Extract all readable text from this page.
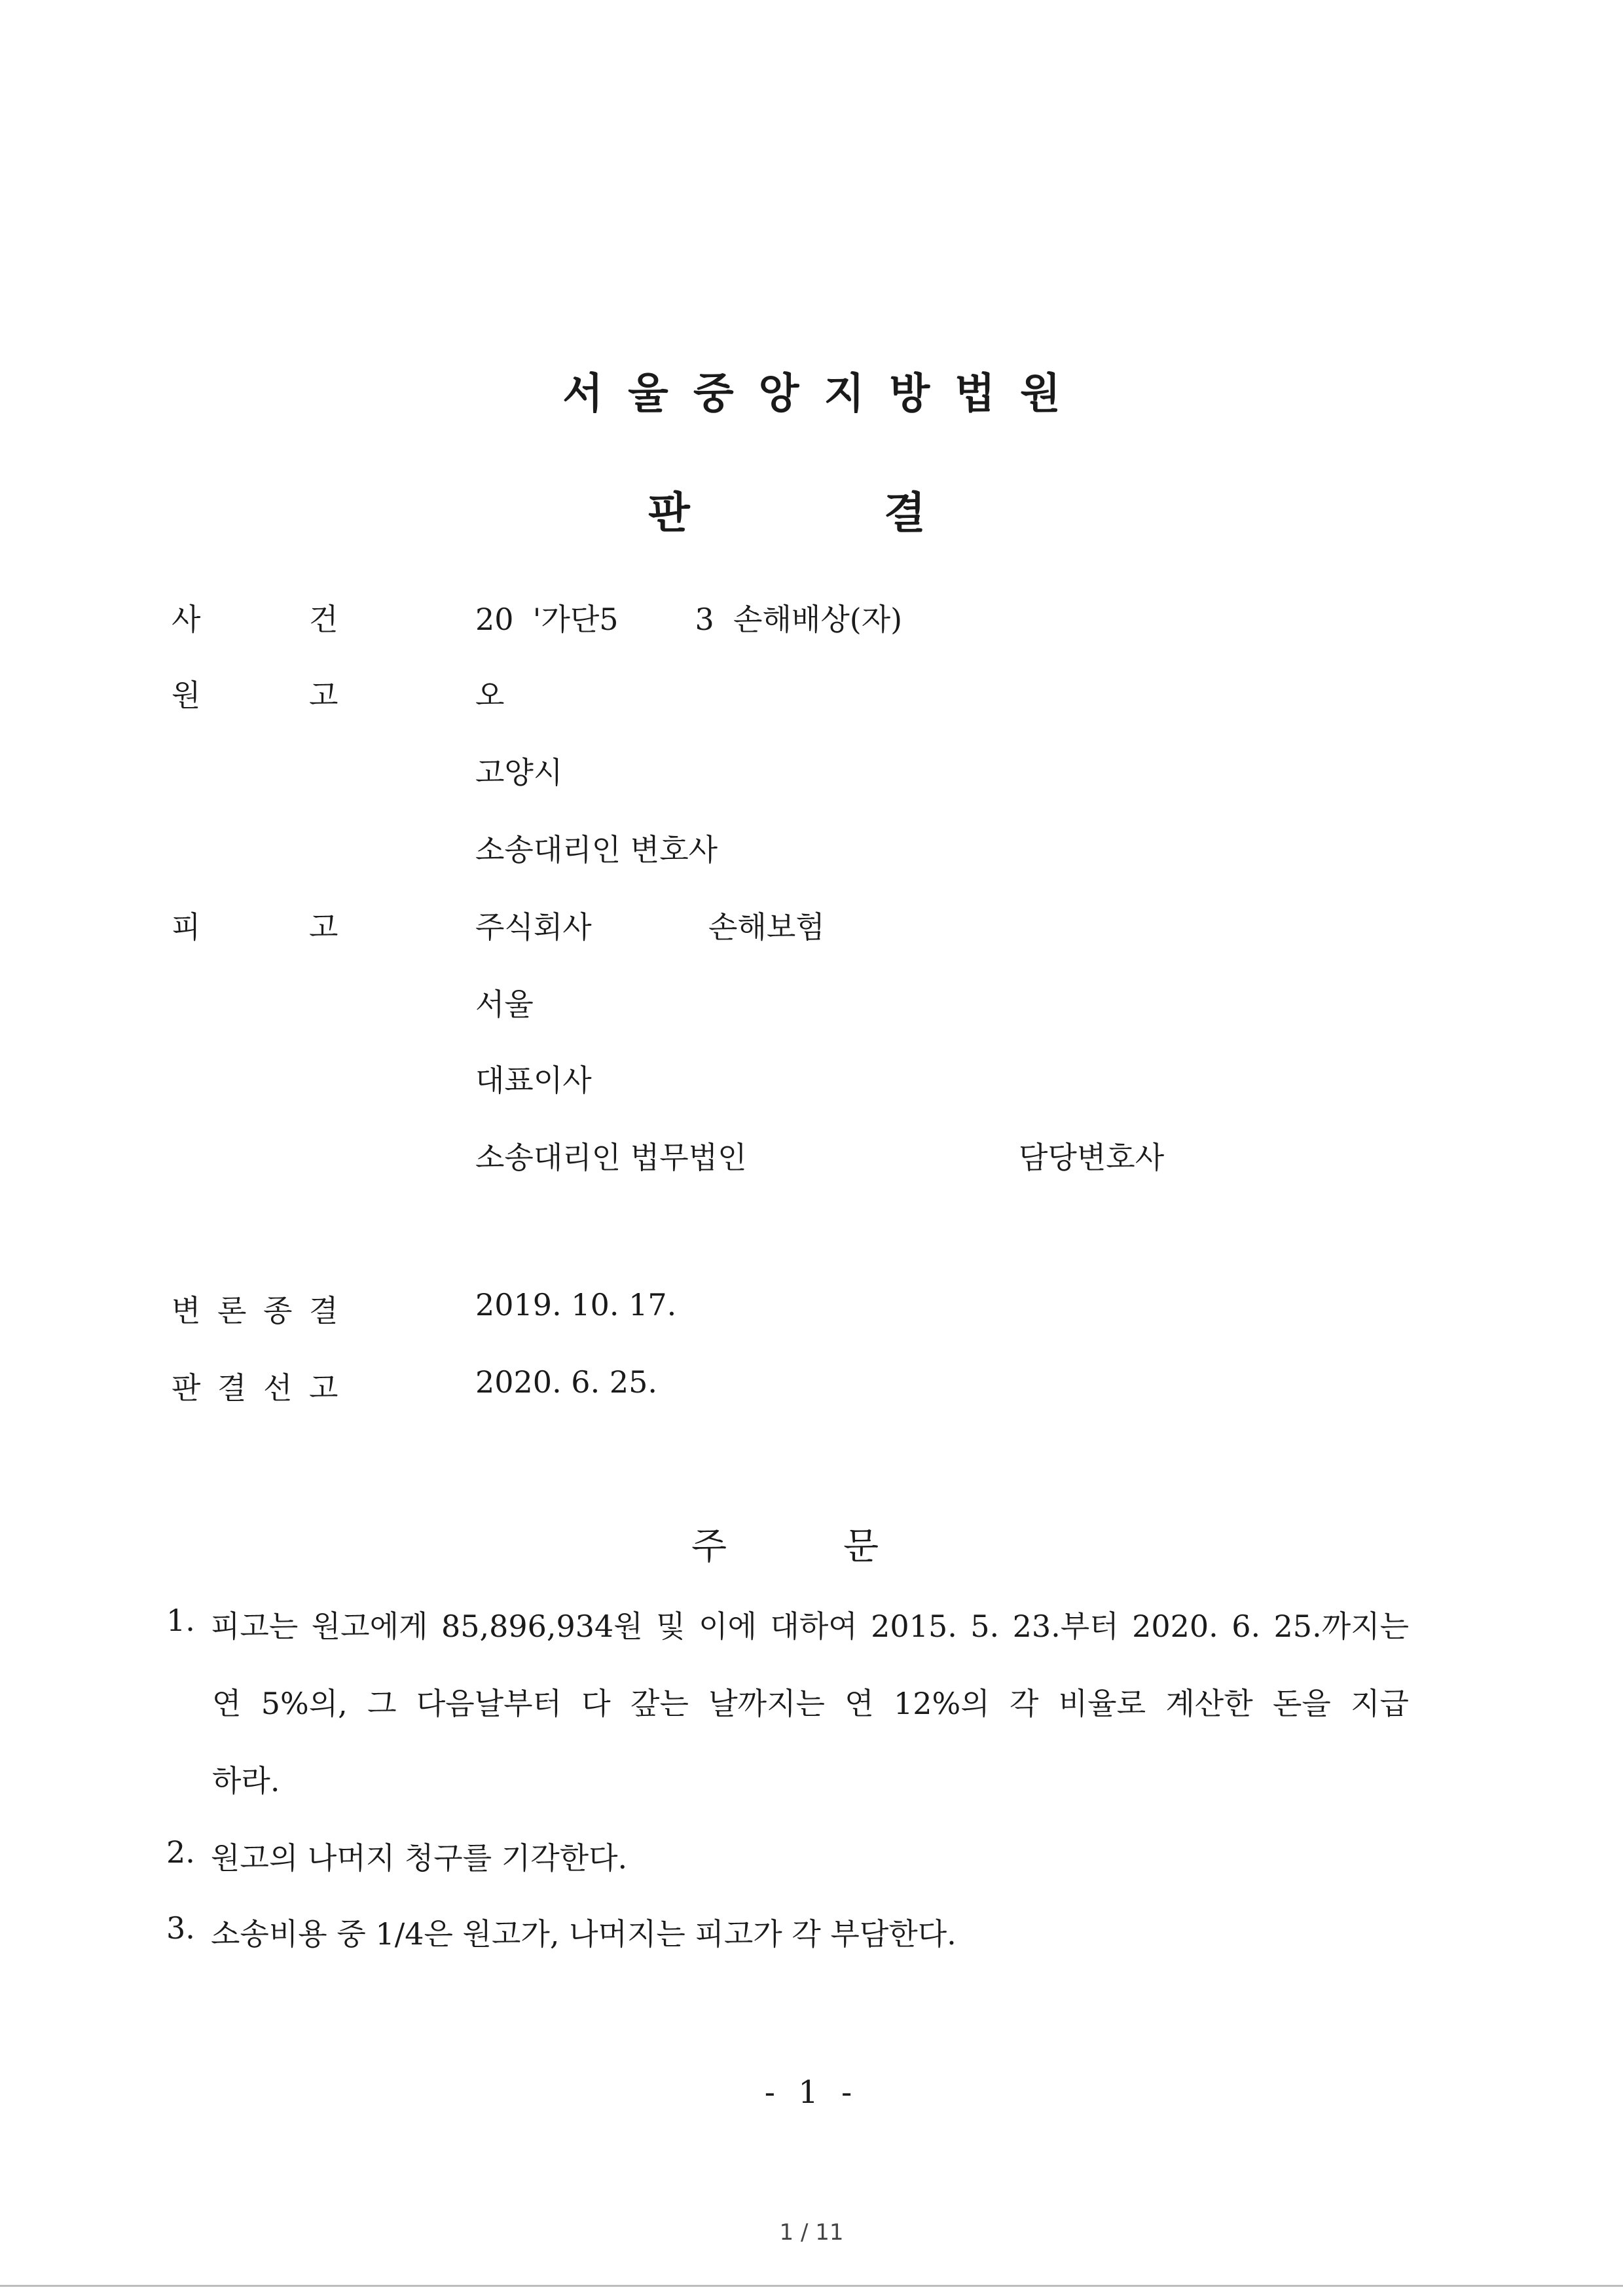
서울중앙지방법원
판	결
사	건	20  '가단5        3  손해배상(자)
원	고	오
고양시
소송대리인 변호사
피	고	주식회사	손해보험
서울
대표이사
소송대리인 법무법인	담당변호사
변 론 종 결	2019. 10. 17.
판 결 선 고	2020. 6. 25.
주	문
1. 피고는 원고에게 85,896,934원 및 이에 대하여 2015. 5. 23.부터 2020. 6. 25.까지는
연 5%의, 그 다음날부터 다 갚는 날까지는 연 12%의 각 비율로 계산한 돈을 지급
하라.
2. 원고의 나머지 청구를 기각한다.
3. 소송비용 중 1/4은 원고가, 나머지는 피고가 각 부담한다.
- 1 -
1 / 11
